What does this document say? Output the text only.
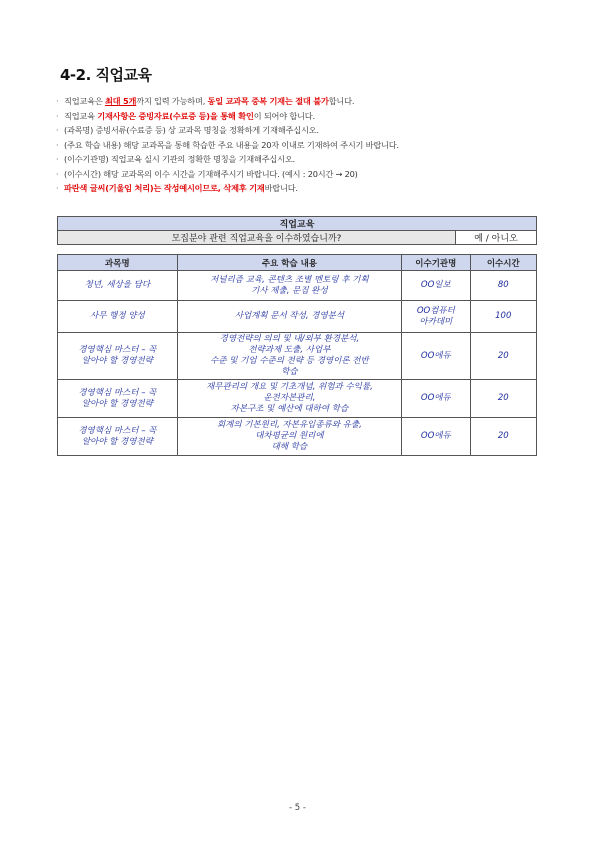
4-2. 직업교육
· 직업교육은 최대 5개까지 입력 가능하며, 동일 교과목 중복 기재는 절대 불가합니다.
· 직업교육 기재사항은 증빙자료(수료증 등)을 통해 확인이 되어야 합니다.
· (과목명) 증빙서류(수료증 등) 상 교과목 명칭을 정확하게 기재해주십시오.
· (주요 학습 내용) 해당 교과목을 통해 학습한 주요 내용을 20자 이내로 기재하여 주시기 바랍니다.
· (이수기관명) 직업교육 실시 기관의 정확한 명칭을 기재해주십시오.
· (이수시간) 해당 교과목의 이수 시간을 기재해주시기 바랍니다. (예시 : 20시간 → 20)
· 파란색 글씨(기울임 처리)는 작성예시이므로, 삭제후 기재바랍니다.
직업교육
모집분야 관련 직업교육을 이수하였습니까?	예 / 아니오
과목명	주요 학습 내용	이수기관명	이수시간
청년, 세상을 담다	저널리즘 교육, 콘텐츠 조별 멘토링 후 기획
기사 제출, 문집 완성	OO일보	80
사무 행정 양성	사업계획 문서 작성, 경영분석	OO컴퓨터
아카데미	100
경영핵심 마스터 – 꼭
알아야 할 경영전략	경영전략의 의의 및 내/외부 환경분석,
전략과제 도출, 사업부
수준 및 기업 수준의 전략 등 경영이론 전반
학습	OO에듀	20
경영핵심 마스터 – 꼭
알아야 할 경영전략	재무관리의 개요 및 기초개념, 위험과 수익률,
운전자본관리,
자본구조 및 예산에 대하여 학습	OO에듀	20
경영핵심 마스터 – 꼭
알아야 할 경영전략	회계의 기본원리, 자본유입종류와 유출,
대차평균의 원리에
대해 학습	OO에듀	20
- 5 -
